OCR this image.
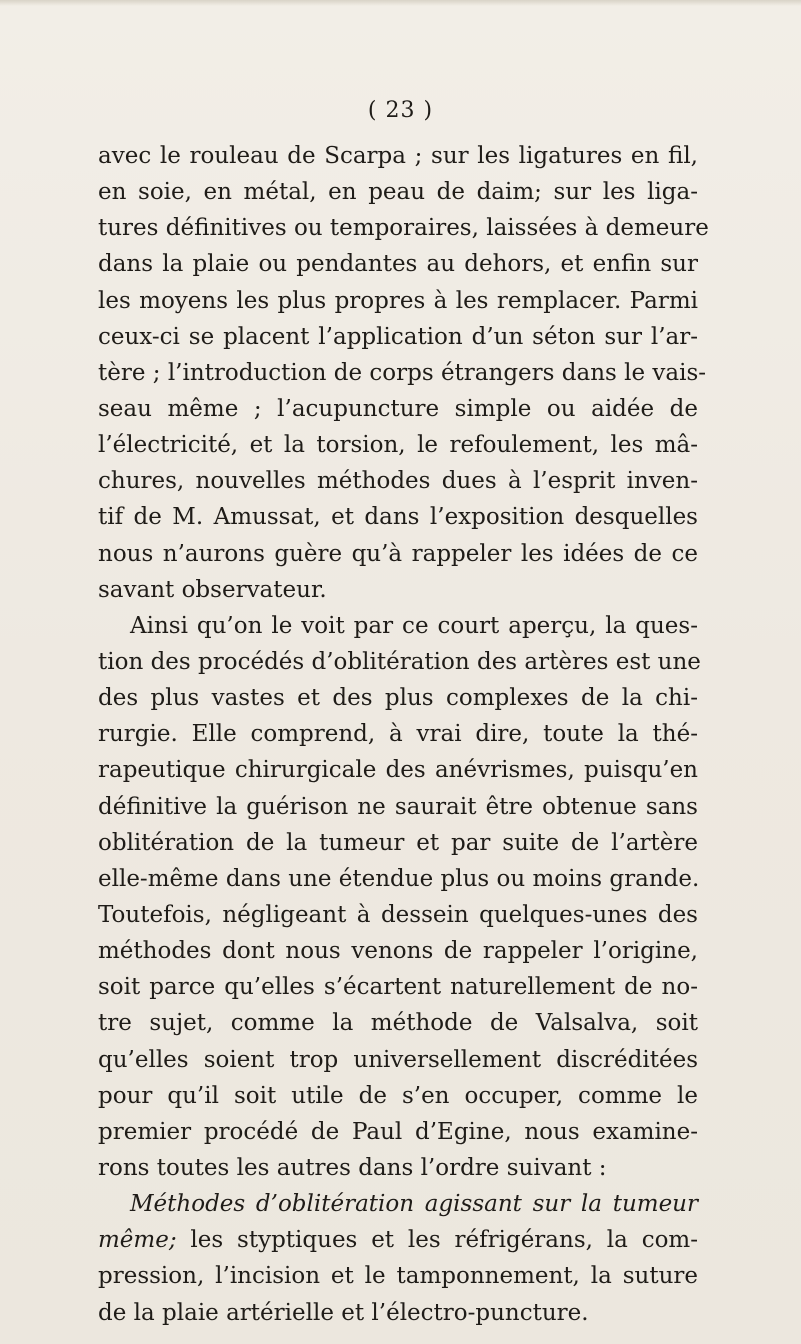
( 23 )
avec le rouleau de Scarpa ; sur les ligatures en fil,
en soie, en métal, en peau de daim; sur les liga-
tures définitives ou temporaires, laissées à demeure
dans la plaie ou pendantes au dehors, et enfin sur
les moyens les plus propres à les remplacer. Parmi
ceux-ci se placent l’application d’un séton sur l’ar-
tère ; l’introduction de corps étrangers dans le vais-
seau même ; l’acupuncture simple ou aidée de
l’électricité, et la torsion, le refoulement, les mâ-
chures, nouvelles méthodes dues à l’esprit inven-
tif de M. Amussat, et dans l’exposition desquelles
nous n’aurons guère qu’à rappeler les idées de ce
savant observateur.
Ainsi qu’on le voit par ce court aperçu, la ques-
tion des procédés d’oblitération des artères est une
des plus vastes et des plus complexes de la chi-
rurgie. Elle comprend, à vrai dire, toute la thé-
rapeutique chirurgicale des anévrismes, puisqu’en
définitive la guérison ne saurait être obtenue sans
oblitération de la tumeur et par suite de l’artère
elle-même dans une étendue plus ou moins grande.
Toutefois, négligeant à dessein quelques-unes des
méthodes dont nous venons de rappeler l’origine,
soit parce qu’elles s’écartent naturellement de no-
tre sujet, comme la méthode de Valsalva, soit
qu’elles soient trop universellement discréditées
pour qu’il soit utile de s’en occuper, comme le
premier procédé de Paul d’Egine, nous examine-
rons toutes les autres dans l’ordre suivant :
Méthodes d’oblitération agissant sur la tumeur
même; les styptiques et les réfrigérans, la com-
pression, l’incision et le tamponnement, la suture
de la plaie artérielle et l’électro-puncture.
